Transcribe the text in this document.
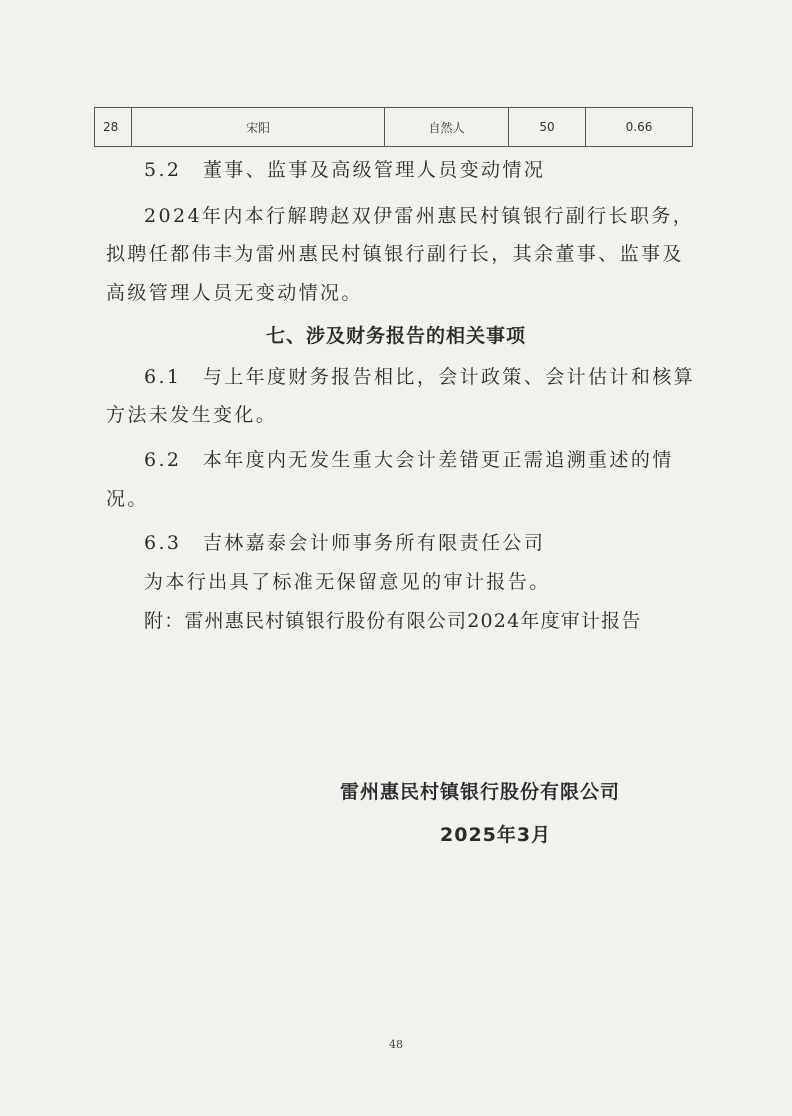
28	宋阳	自然人	50	0.66
5.2　董事、监事及高级管理人员变动情况
2024年内本行解聘赵双伊雷州惠民村镇银行副行长职务，
拟聘任都伟丰为雷州惠民村镇银行副行长，其余董事、监事及
高级管理人员无变动情况。
七、涉及财务报告的相关事项
6.1　与上年度财务报告相比，会计政策、会计估计和核算
方法未发生变化。
6.2　本年度内无发生重大会计差错更正需追溯重述的情
况。
6.3　吉林嘉泰会计师事务所有限责任公司
为本行出具了标准无保留意见的审计报告。
附：雷州惠民村镇银行股份有限公司2024年度审计报告
雷州惠民村镇银行股份有限公司
2025年3月
48
